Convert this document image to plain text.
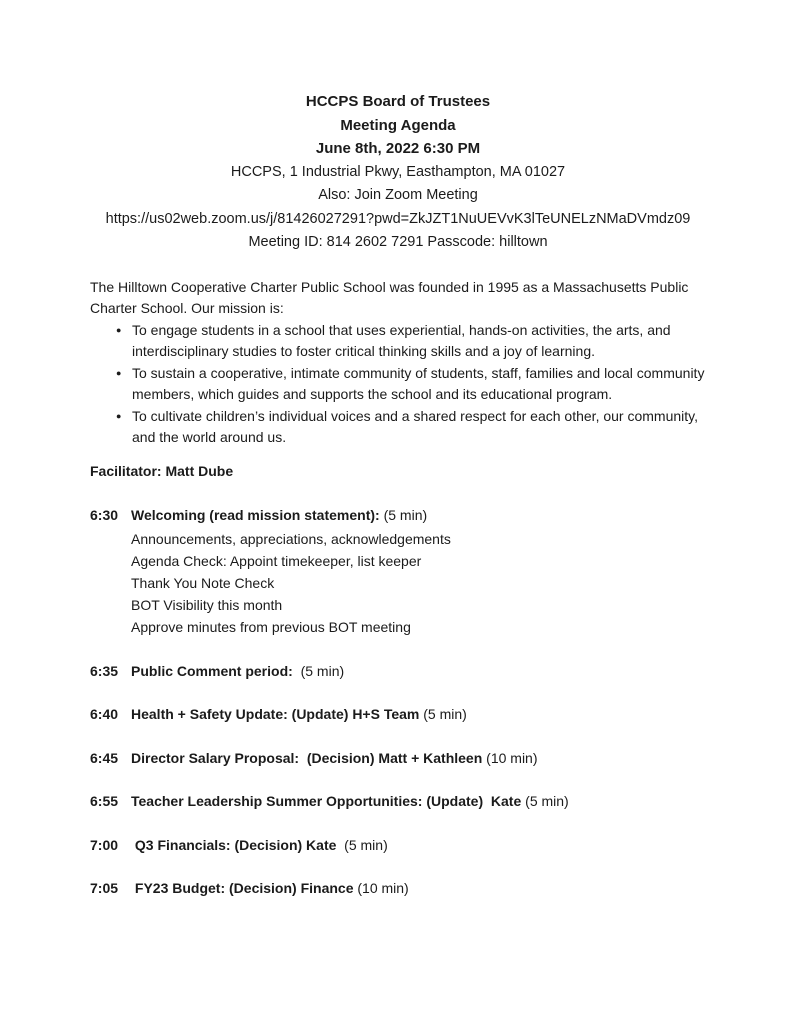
HCCPS Board of Trustees
Meeting Agenda
June 8th, 2022 6:30 PM
HCCPS, 1 Industrial Pkwy, Easthampton, MA 01027
Also: Join Zoom Meeting
https://us02web.zoom.us/j/81426027291?pwd=ZkJZT1NuUEVvK3lTeUNELzNMaDVmdz09
Meeting ID: 814 2602 7291 Passcode: hilltown
The Hilltown Cooperative Charter Public School was founded in 1995 as a Massachusetts Public Charter School. Our mission is:
● To engage students in a school that uses experiential, hands-on activities, the arts, and interdisciplinary studies to foster critical thinking skills and a joy of learning.
● To sustain a cooperative, intimate community of students, staff, families and local community members, which guides and supports the school and its educational program.
● To cultivate children’s individual voices and a shared respect for each other, our community, and the world around us.
Facilitator: Matt Dube
6:30 Welcoming (read mission statement): (5 min)
Announcements, appreciations, acknowledgements
Agenda Check: Appoint timekeeper, list keeper
Thank You Note Check
BOT Visibility this month
Approve minutes from previous BOT meeting
6:35 Public Comment period:  (5 min)
6:40 Health + Safety Update: (Update) H+S Team (5 min)
6:45 Director Salary Proposal:  (Decision) Matt + Kathleen (10 min)
6:55 Teacher Leadership Summer Opportunities: (Update)  Kate (5 min)
7:00 Q3 Financials: (Decision) Kate  (5 min)
7:05 FY23 Budget: (Decision) Finance (10 min)
